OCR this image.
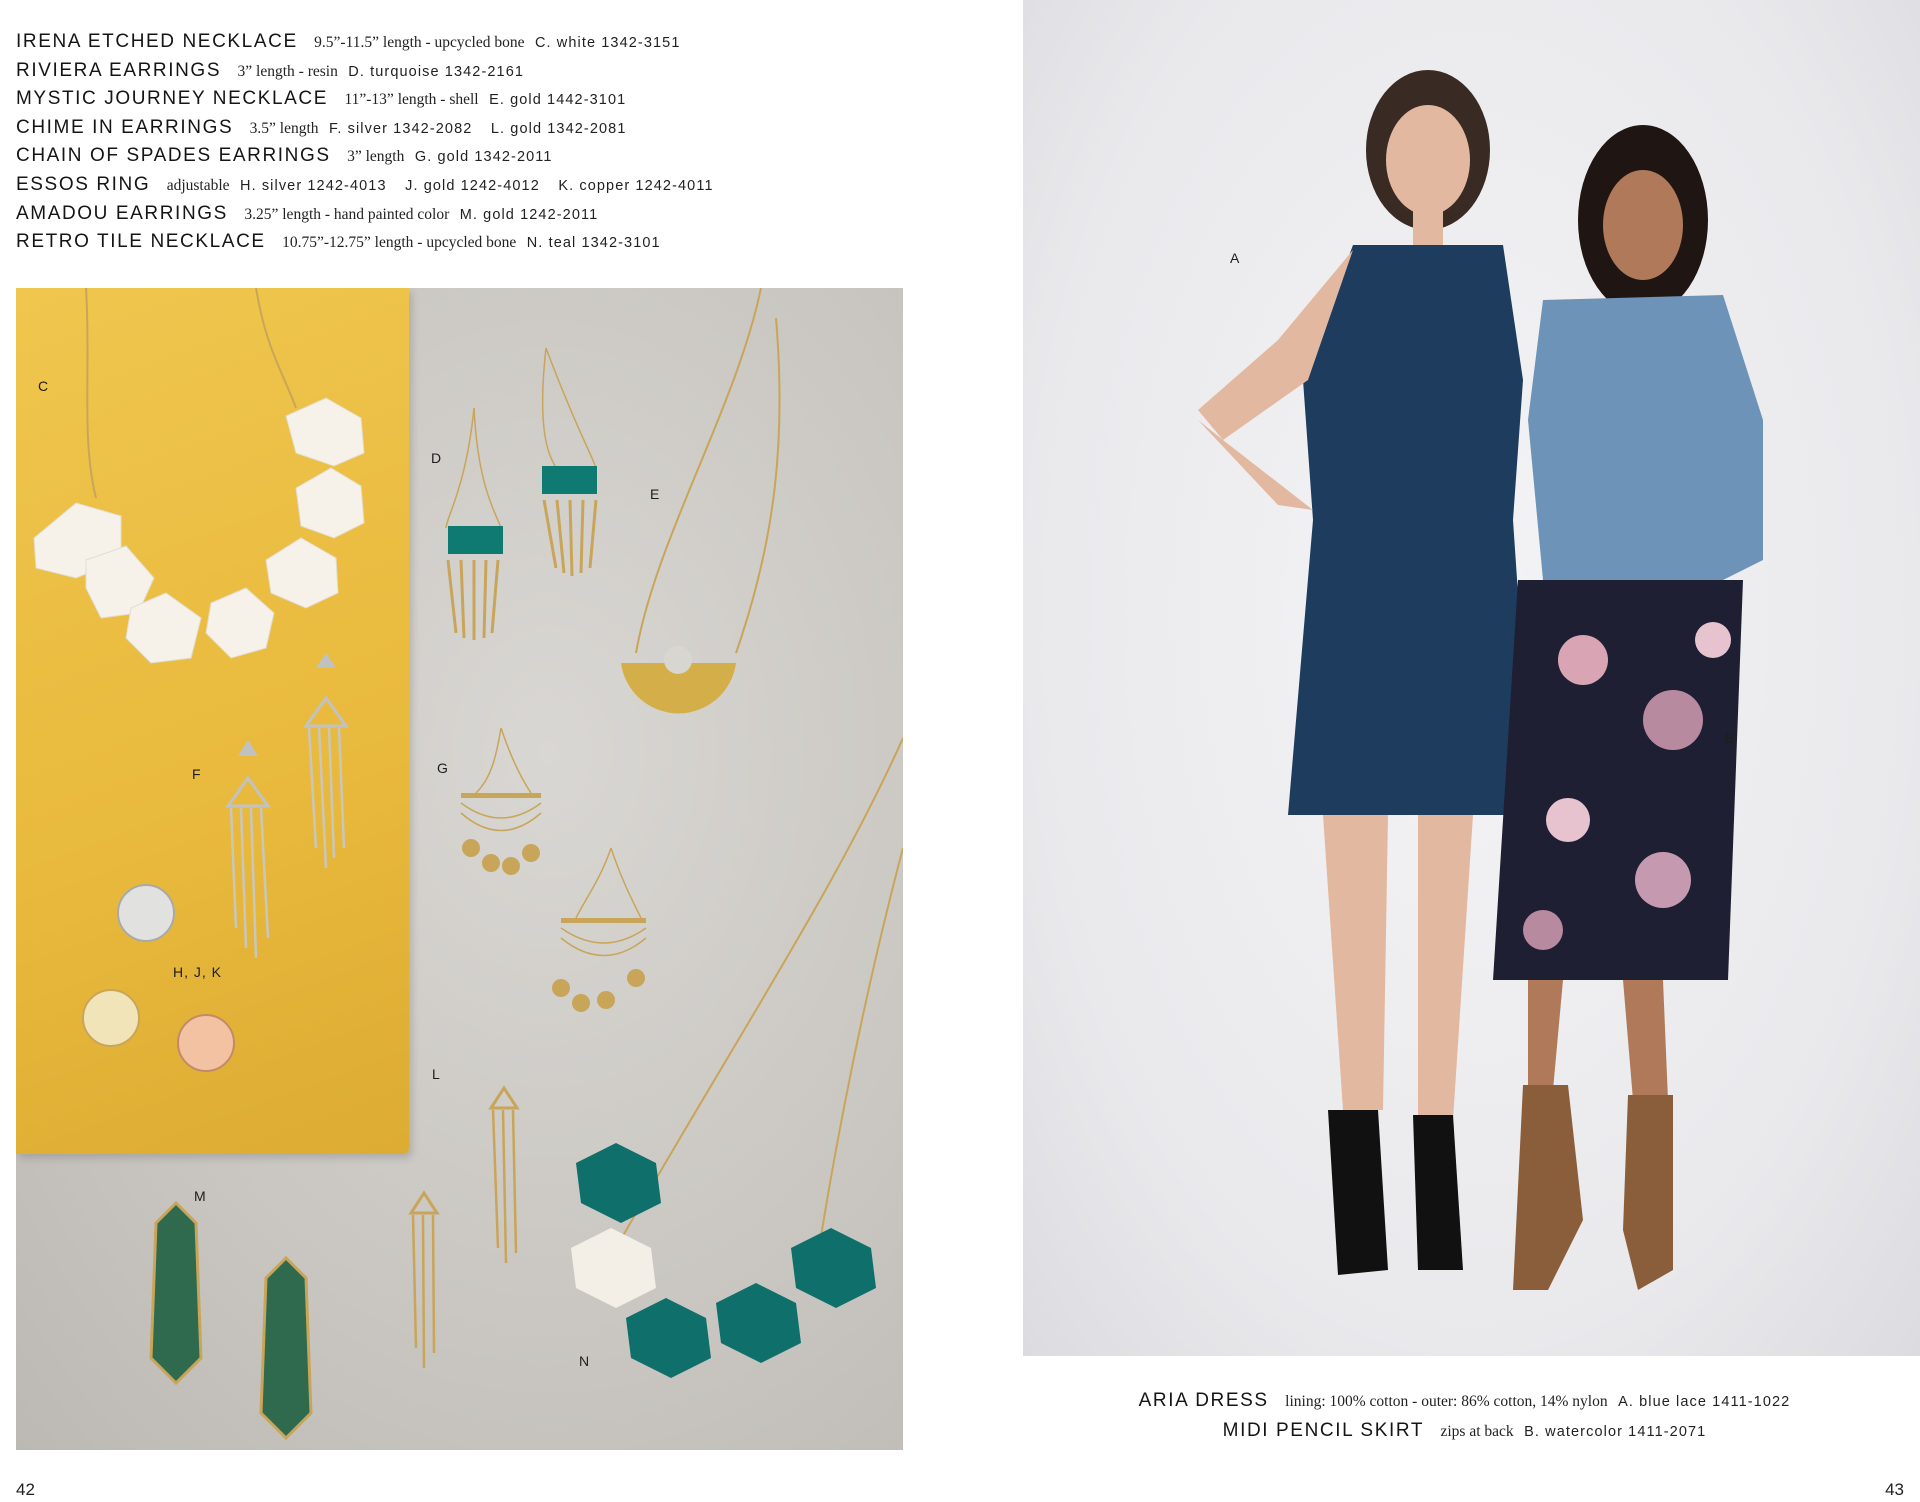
IRENA ETCHED NECKLACE 9.5”-11.5” length - upcycled bone C. white 1342-3151
RIVIERA EARRINGS 3” length - resin D. turquoise 1342-2161
MYSTIC JOURNEY NECKLACE 11”-13” length - shell E. gold 1442-3101
CHIME IN EARRINGS 3.5” length F. silver 1342-2082 L. gold 1342-2081
CHAIN OF SPADES EARRINGS 3” length G. gold 1342-2011
ESSOS RING adjustable H. silver 1242-4013 J. gold 1242-4012 K. copper 1242-4011
AMADOU EARRINGS 3.25” length - hand painted color M. gold 1242-2011
RETRO TILE NECKLACE 10.75”-12.75” length - upcycled bone N. teal 1342-3101
C
D
E
F	G
H, J, K
L
M
N
A
B
ARIA DRESS lining: 100% cotton - outer: 86% cotton, 14% nylon A. blue lace 1411-1022
MIDI PENCIL SKIRT zips at back B. watercolor 1411-2071
42	43
